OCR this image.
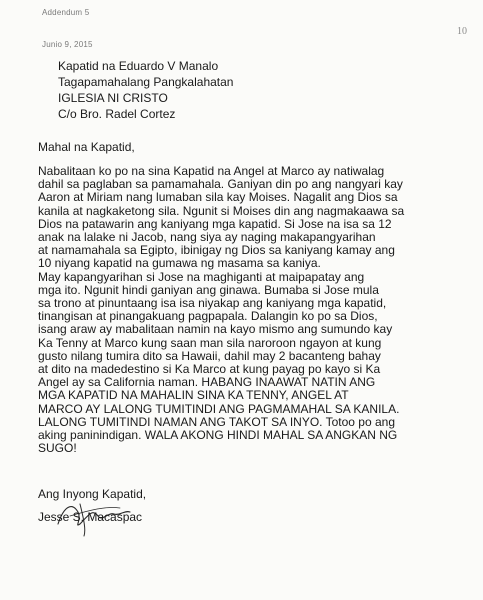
Addendum 5
Junio 9, 2015
10
Kapatid na Eduardo V Manalo
Tagapamahalang Pangkalahatan
IGLESIA NI CRISTO
C/o Bro. Radel Cortez
Mahal na Kapatid,
Nabalitaan ko po na sina Kapatid na Angel at Marco ay natiwalag
dahil sa paglaban sa pamamahala. Ganiyan din po ang nangyari kay
Aaron at Miriam nang lumaban sila kay Moises. Nagalit ang Dios sa
kanila at nagkaketong sila. Ngunit si Moises din ang nagmakaawa sa
Dios na patawarin ang kaniyang mga kapatid. Si Jose na isa sa 12
anak na lalake ni Jacob, nang siya ay naging makapangyarihan
at namamahala sa Egipto, ibinigay ng Dios sa kaniyang kamay ang
10 niyang kapatid na gumawa ng masama sa kaniya.
May kapangyarihan si Jose na maghiganti at maipapatay ang
mga ito. Ngunit hindi ganiyan ang ginawa. Bumaba si Jose mula
sa trono at pinuntaang isa isa niyakap ang kaniyang mga kapatid,
tinangisan at pinangakuang pagpapala. Dalangin ko po sa Dios,
isang araw ay mabalitaan namin na kayo mismo ang sumundo kay
Ka Tenny at Marco kung saan man sila naroroon ngayon at kung
gusto nilang tumira dito sa Hawaii, dahil may 2 bacanteng bahay
at dito na madedestino si Ka Marco at kung payag po kayo si Ka
Angel ay sa California naman. HABANG INAAWAT NATIN ANG
MGA KAPATID NA MAHALIN SINA KA TENNY, ANGEL AT
MARCO AY LALONG TUMITINDI ANG PAGMAMAHAL SA KANILA.
LALONG TUMITINDI NAMAN ANG TAKOT SA INYO. Totoo po ang
aking paninindigan. WALA AKONG HINDI MAHAL SA ANGKAN NG
SUGO!
Ang Inyong Kapatid,
Jesse S. Macaspac
